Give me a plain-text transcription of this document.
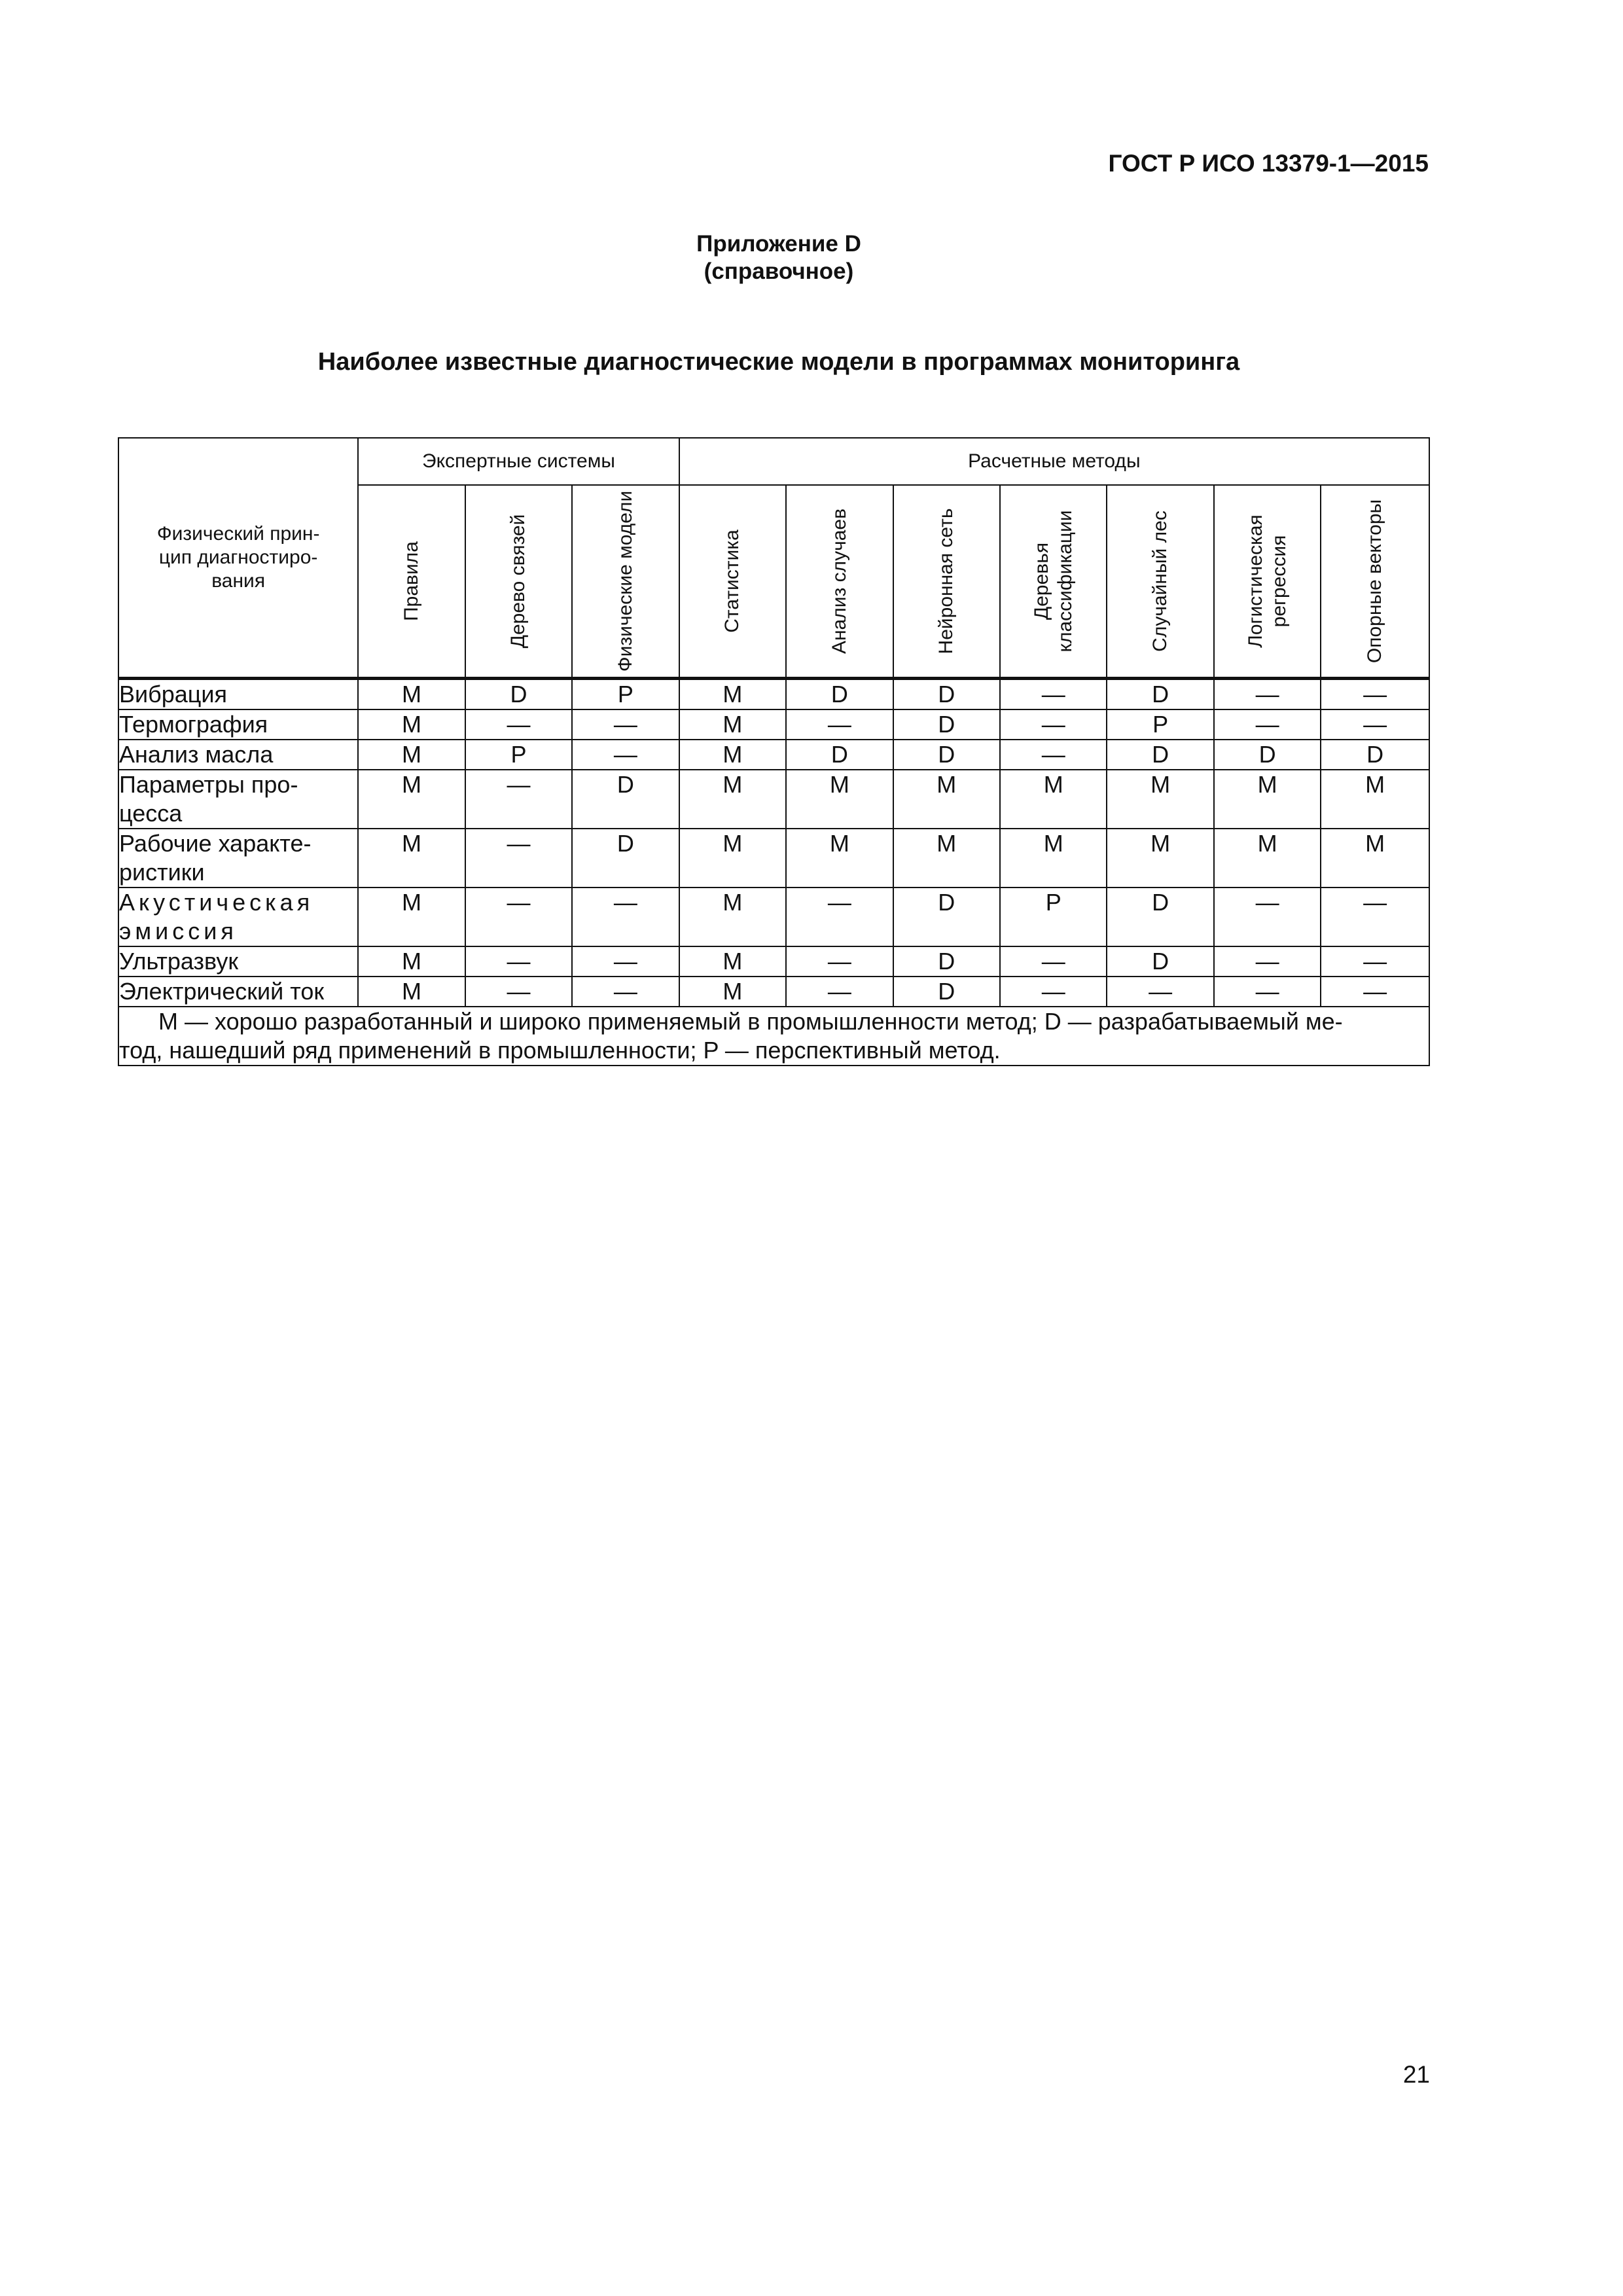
ГОСТ Р ИСО 13379-1—2015
Приложение D
(справочное)
Наиболее известные диагностические модели в программах мониторинга
Физический прин-
цип диагностиро-
вания	Экспертные системы			Расчетные методы						

	Правила	Дерево связей	Физические модели	Статистика	Анализ случаев	Нейронная сеть	Деревья классификации	Случайный лес	Логистическая регрессия	Опорные векторы

Вибрация	M	D	P	M	D	D	—	D	—	—
Термография	M	—	—	M	—	D	—	P	—	—
Анализ масла	M	P	—	M	D	D	—	D	D	D
Параметры про-
цесса	M	—	D	M	M	M	M	M	M	M
Рабочие характе-
ристики	M	—	D	M	M	M	M	M	M	M
Акустическая
эмиссия	M	—	—	M	—	D	P	D	—	—
Ультразвук	M	—	—	M	—	D	—	D	—	—
Электрический ток	M	—	—	M	—	D	—	—	—	—
M — хорошо разработанный и широко применяемый в промышленности метод; D — разрабатываемый ме-
тод, нашедший ряд применений в промышленности; P — перспективный метод.										
21
